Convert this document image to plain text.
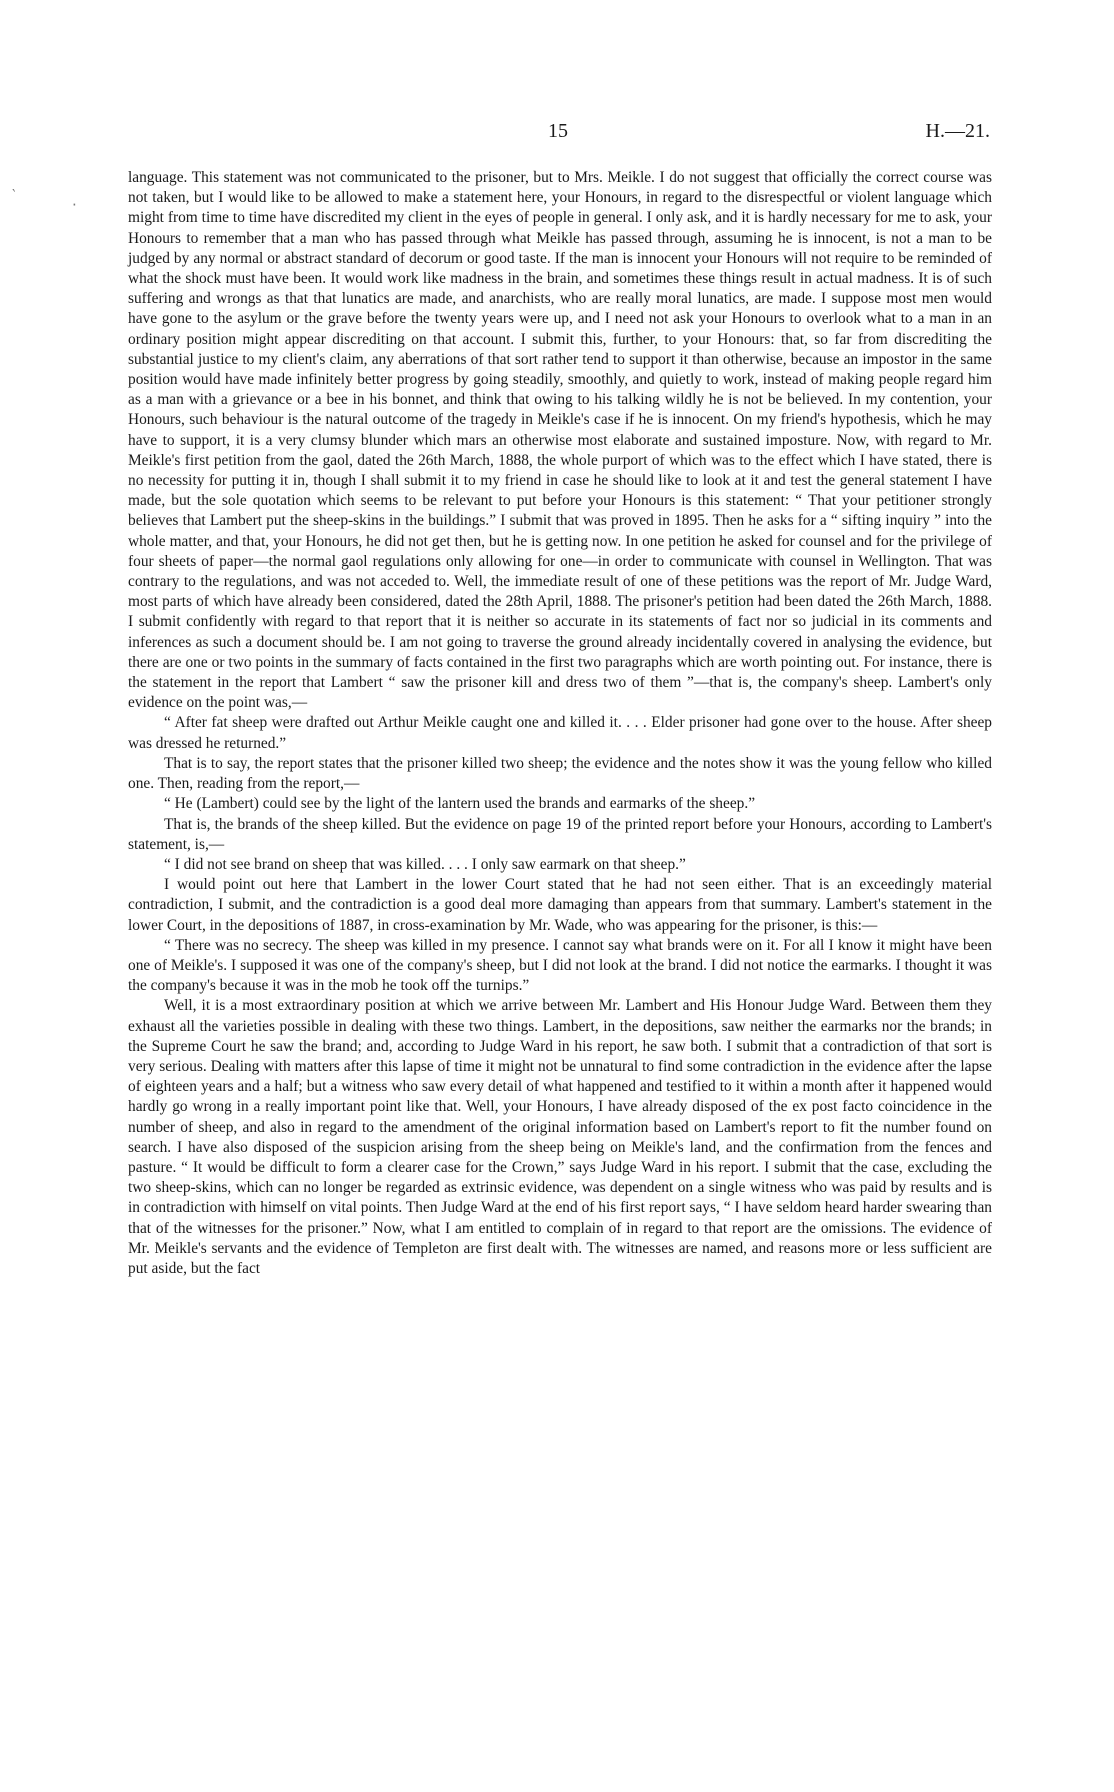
15	H.—21.
‵
·

language. This statement was not communicated to the prisoner, but to Mrs. Meikle. I do not suggest that officially the correct course was not taken, but I would like to be allowed to make a statement here, your Honours, in regard to the disrespectful or violent language which might from time to time have discredited my client in the eyes of people in general. I only ask, and it is hardly necessary for me to ask, your Honours to remember that a man who has passed through what Meikle has passed through, assuming he is innocent, is not a man to be judged by any normal or abstract standard of decorum or good taste. If the man is innocent your Honours will not require to be reminded of what the shock must have been. It would work like madness in the brain, and sometimes these things result in actual madness. It is of such suffering and wrongs as that that lunatics are made, and anarchists, who are really moral lunatics, are made. I suppose most men would have gone to the asylum or the grave before the twenty years were up, and I need not ask your Honours to overlook what to a man in an ordinary position might appear discrediting on that account. I submit this, further, to your Honours: that, so far from discrediting the substantial justice to my client's claim, any aberrations of that sort rather tend to support it than otherwise, because an impostor in the same position would have made infinitely better progress by going steadily, smoothly, and quietly to work, instead of making people regard him as a man with a grievance or a bee in his bonnet, and think that owing to his talking wildly he is not be believed. In my contention, your Honours, such behaviour is the natural outcome of the tragedy in Meikle's case if he is innocent. On my friend's hypothesis, which he may have to support, it is a very clumsy blunder which mars an otherwise most elaborate and sustained imposture. Now, with regard to Mr. Meikle's first petition from the gaol, dated the 26th March, 1888, the whole purport of which was to the effect which I have stated, there is no necessity for putting it in, though I shall submit it to my friend in case he should like to look at it and test the general statement I have made, but the sole quotation which seems to be relevant to put before your Honours is this statement: “ That your petitioner strongly believes that Lambert put the sheep-skins in the buildings.” I submit that was proved in 1895. Then he asks for a “ sifting inquiry ” into the whole matter, and that, your Honours, he did not get then, but he is getting now. In one petition he asked for counsel and for the privilege of four sheets of paper—the normal gaol regulations only allowing for one—in order to communicate with counsel in Wellington. That was contrary to the regulations, and was not acceded to. Well, the immediate result of one of these petitions was the report of Mr. Judge Ward, most parts of which have already been considered, dated the 28th April, 1888. The prisoner's petition had been dated the 26th March, 1888. I submit confidently with regard to that report that it is neither so accurate in its statements of fact nor so judicial in its comments and inferences as such a document should be. I am not going to traverse the ground already incidentally covered in analysing the evidence, but there are one or two points in the summary of facts contained in the first two paragraphs which are worth pointing out. For instance, there is the statement in the report that Lambert “ saw the prisoner kill and dress two of them ”—that is, the company's sheep. Lambert's only evidence on the point was,—

“ After fat sheep were drafted out Arthur Meikle caught one and killed it. . . . Elder prisoner had gone over to the house. After sheep was dressed he returned.”

That is to say, the report states that the prisoner killed two sheep; the evidence and the notes show it was the young fellow who killed one. Then, reading from the report,—

“ He (Lambert) could see by the light of the lantern used the brands and earmarks of the sheep.”

That is, the brands of the sheep killed. But the evidence on page 19 of the printed report before your Honours, according to Lambert's statement, is,—

“ I did not see brand on sheep that was killed. . . . I only saw earmark on that sheep.”

I would point out here that Lambert in the lower Court stated that he had not seen either. That is an exceedingly material contradiction, I submit, and the contradiction is a good deal more damaging than appears from that summary. Lambert's statement in the lower Court, in the depositions of 1887, in cross-examination by Mr. Wade, who was appearing for the prisoner, is this:—

“ There was no secrecy. The sheep was killed in my presence. I cannot say what brands were on it. For all I know it might have been one of Meikle's. I supposed it was one of the company's sheep, but I did not look at the brand. I did not notice the earmarks. I thought it was the company's because it was in the mob he took off the turnips.”

Well, it is a most extraordinary position at which we arrive between Mr. Lambert and His Honour Judge Ward. Between them they exhaust all the varieties possible in dealing with these two things. Lambert, in the depositions, saw neither the earmarks nor the brands; in the Supreme Court he saw the brand; and, according to Judge Ward in his report, he saw both. I submit that a contradiction of that sort is very serious. Dealing with matters after this lapse of time it might not be unnatural to find some contradiction in the evidence after the lapse of eighteen years and a half; but a witness who saw every detail of what happened and testified to it within a month after it happened would hardly go wrong in a really important point like that. Well, your Honours, I have already disposed of the ex post facto coincidence in the number of sheep, and also in regard to the amendment of the original information based on Lambert's report to fit the number found on search. I have also disposed of the suspicion arising from the sheep being on Meikle's land, and the confirmation from the fences and pasture. “ It would be difficult to form a clearer case for the Crown,” says Judge Ward in his report. I submit that the case, excluding the two sheep-skins, which can no longer be regarded as extrinsic evidence, was dependent on a single witness who was paid by results and is in contradiction with himself on vital points. Then Judge Ward at the end of his first report says, “ I have seldom heard harder swearing than that of the witnesses for the prisoner.” Now, what I am entitled to complain of in regard to that report are the omissions. The evidence of Mr. Meikle's servants and the evidence of Templeton are first dealt with. The witnesses are named, and reasons more or less sufficient are put aside, but the fact
